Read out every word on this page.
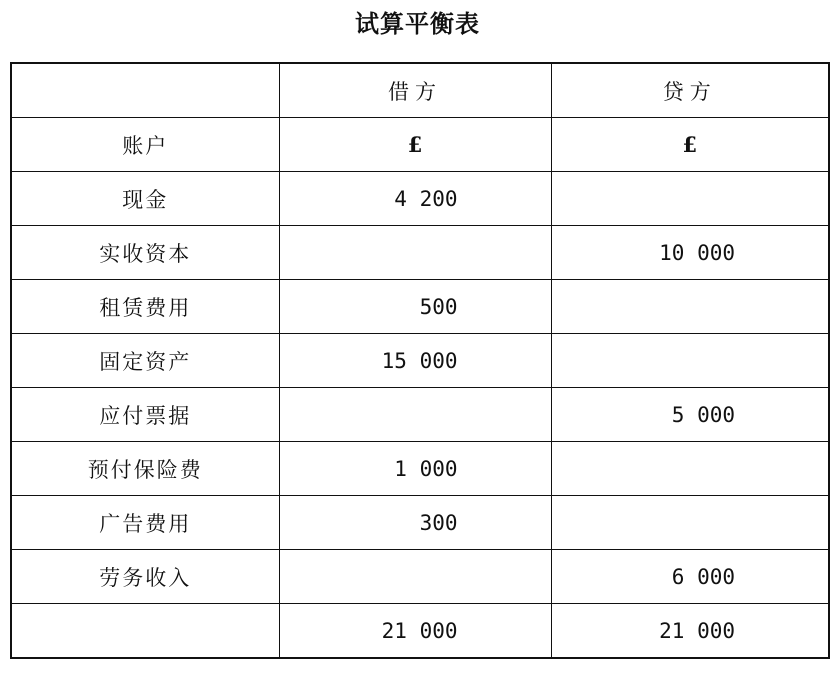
试算平衡表
	借方	贷方
账户	£	£
现金	4 200	
实收资本		10 000
租赁费用	500	
固定资产	15 000	
应付票据		5 000
预付保险费	1 000	
广告费用	300	
劳务收入		6 000
	21 000	21 000
